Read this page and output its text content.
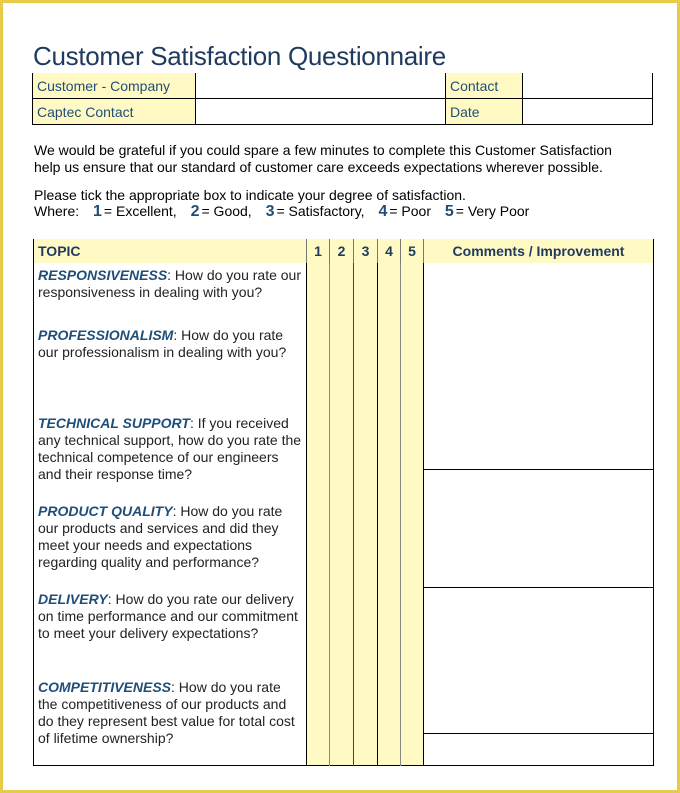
Customer Satisfaction Questionnaire
Customer - Company		Contact	
Captec Contact		Date	
We would be grateful if you could spare a few minutes to complete this Customer Satisfaction
help us ensure that our standard of customer care exceeds expectations wherever possible.
Please tick the appropriate box to indicate your degree of satisfaction.
Where: 1 = Excellent, 2 = Good, 3 = Satisfactory, 4 = Poor 5 = Very Poor
TOPIC	1	2	3	4	5	Comments / Improvement
RESPONSIVENESS: How do you rate our responsiveness in dealing with you?						

PROFESSIONALISM: How do you rate our professionalism in dealing with you?						
TECHNICAL SUPPORT: If you received any technical support, how do you rate the technical competence of our engineers and their response time?						
PRODUCT QUALITY: How do you rate our products and services and did they meet your needs and expectations regarding quality and performance?						

DELIVERY: How do you rate our delivery on time performance and our commitment to meet your delivery expectations?						
COMPETITIVENESS: How do you rate the competitiveness of our products and do they represent best value for total cost of lifetime ownership?						
